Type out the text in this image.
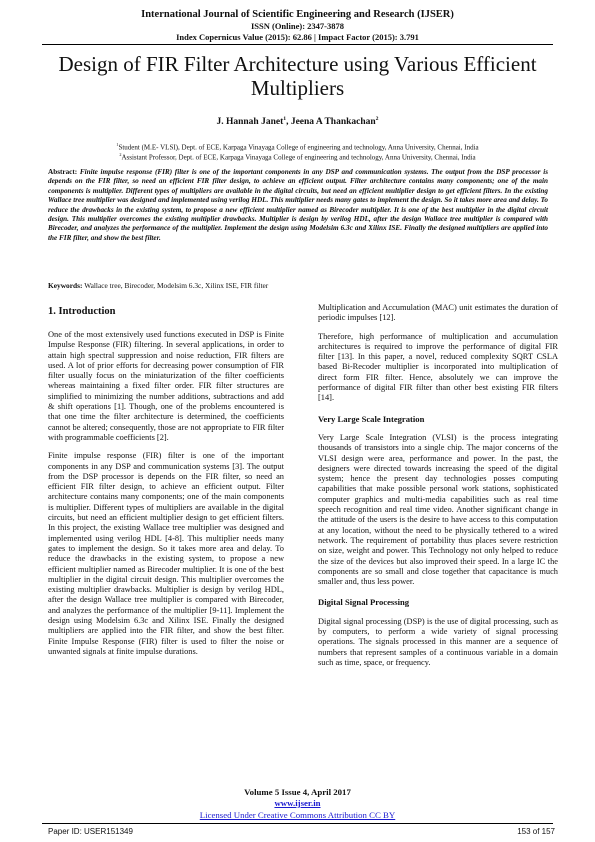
International Journal of Scientific Engineering and Research (IJSER)
ISSN (Online): 2347-3878
Index Copernicus Value (2015): 62.86 | Impact Factor (2015): 3.791
Design of FIR Filter Architecture using Various Efficient Multipliers
J. Hannah Janet$^1$, Jeena A Thankachan$^2$
$^1$Student (M.E- VLSI), Dept. of ECE, Karpaga Vinayaga College of engineering and technology, Anna University, Chennai, India
$^2$Assistant Professor, Dept. of ECE, Karpaga Vinayaga College of engineering and technology, Anna University, Chennai, India
Abstract: Finite impulse response (FIR) filter is one of the important components in any DSP and communication systems. The output from the DSP processor is depends on the FIR filter, so need an efficient FIR filter design, to achieve an efficient output. Filter architecture contains many components; one of the main components is multiplier. Different types of multipliers are available in the digital circuits, but need an efficient multiplier design to get efficient filters. In the existing Wallace tree multiplier was designed and implemented using verilog HDL. This multiplier needs many gates to implement the design. So it takes more area and delay. To reduce the drawbacks in the existing system, to propose a new efficient multiplier named as Birecoder multiplier. It is one of the best multiplier in the digital circuit design. This multiplier overcomes the existing multiplier drawbacks. Multiplier is design by verilog HDL, after the design Wallace tree multiplier is compared with Birecoder, and analyzes the performance of the multiplier. Implement the design using Modelsim 6.3c and Xilinx ISE. Finally the designed multipliers are applied into the FIR filter, and show the best filter.
Keywords: Wallace tree, Birecoder, Modelsim 6.3c, Xilinx ISE, FIR filter
1. Introduction

One of the most extensively used functions executed in DSP is Finite Impulse Response (FIR) filtering. In several applications, in order to attain high spectral suppression and noise reduction, FIR filters are used. A lot of prior efforts for decreasing power consumption of FIR filter usually focus on the miniaturization of the filter coefficients whereas maintaining a fixed filter order. FIR filter structures are simplified to minimizing the number additions, subtractions and add & shift operations [1]. Though, one of the problems encountered is that one time the filter architecture is determined, the coefficients cannot be altered; consequently, those are not appropriate to FIR filter with programmable coefficients [2].

Finite impulse response (FIR) filter is one of the important components in any DSP and communication systems [3]. The output from the DSP processor is depends on the FIR filter, so need an efficient FIR filter design, to achieve an efficient output. Filter architecture contains many components; one of the main components is multiplier. Different types of multipliers are available in the digital circuits, but need an efficient multiplier design to get efficient filters. In this project, the existing Wallace tree multiplier was designed and implemented using verilog HDL [4-8]. This multiplier needs many gates to implement the design. So it takes more area and delay. To reduce the drawbacks in the existing system, to propose a new efficient multiplier named as Birecoder multiplier. It is one of the best multiplier in the digital circuit design. This multiplier overcomes the existing multiplier drawbacks. Multiplier is design by verilog HDL, after the design Wallace tree multiplier is compared with Birecoder, and analyzes the performance of the multiplier [9-11]. Implement the design using Modelsim 6.3c and Xilinx ISE. Finally the designed multipliers are applied into the FIR filter, and show the best filter. Finite Impulse Response (FIR) filter is used to filter the noise or unwanted signals at finite impulse durations.

Multiplication and Accumulation (MAC) unit estimates the duration of periodic impulses [12].

Therefore, high performance of multiplication and accumulation architectures is required to improve the performance of digital FIR filter [13]. In this paper, a novel, reduced complexity SQRT CSLA based Bi-Recoder multiplier is incorporated into multiplication of direct form FIR filter. Hence, absolutely we can improve the performance of digital FIR filter than other best existing FIR filters [14].

Very Large Scale Integration

Very Large Scale Integration (VLSI) is the process integrating thousands of transistors into a single chip. The major concerns of the VLSI design were area, performance and power. In the past, the designers were directed towards increasing the speed of the digital system; hence the present day technologies posses computing capabilities that make possible personal work stations, sophisticated computer graphics and multi-media capabilities such as real time speech recognition and real time video. Another significant change in the attitude of the users is the desire to have access to this computation at any location, without the need to be physically tethered to a wired network. The requirement of portability thus places severe restriction on size, weight and power. This Technology not only helped to reduce the size of the devices but also improved their speed. In a large IC the components are so small and close together that capacitance is much smaller and, thus less power.

Digital Signal Processing

Digital signal processing (DSP) is the use of digital processing, such as by computers, to perform a wide variety of signal processing operations. The signals processed in this manner are a sequence of numbers that represent samples of a continuous variable in a domain such as time, space, or frequency.

Volume 5 Issue 4, April 2017
www.ijser.in
Licensed Under Creative Commons Attribution CC BY
Paper ID: USER151349	153 of 157
